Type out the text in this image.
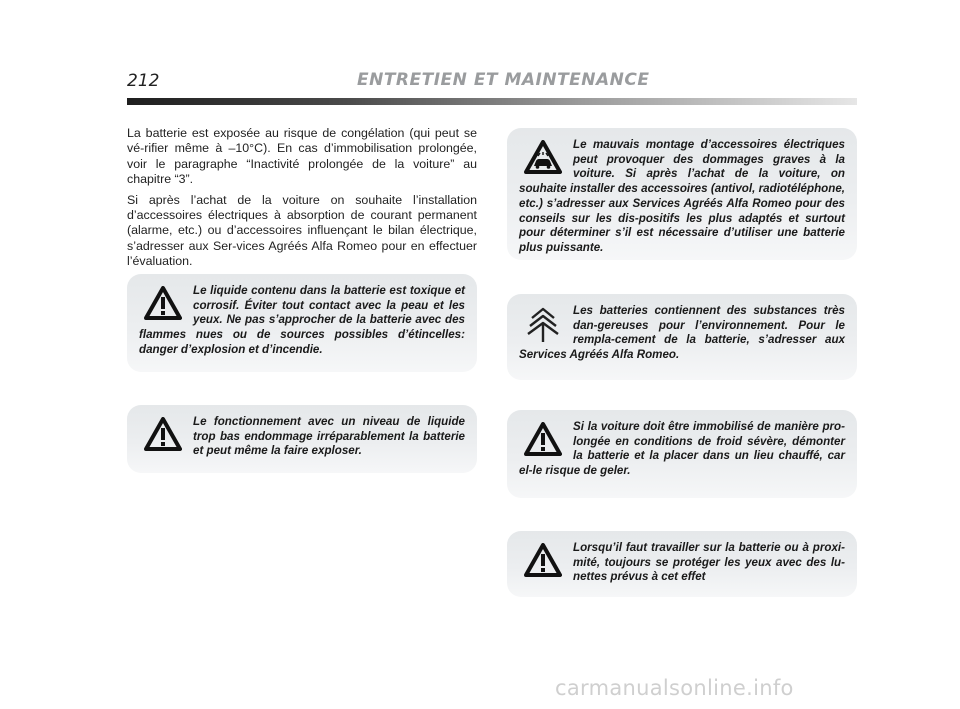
212	ENTRETIEN ET MAINTENANCE

La batterie est exposée au risque de congélation (qui peut se vé-rifier même à –10°C). En cas d’immobilisation prolongée, voir le paragraphe “Inactivité prolongée de la voiture” au chapitre “3”.

Si après l’achat de la voiture on souhaite l’installation d’accessoires électriques à absorption de courant permanent (alarme, etc.) ou d’accessoires influençant le bilan électrique, s’adresser aux Ser-vices Agréés Alfa Romeo pour en effectuer l’évaluation.

Le liquide contenu dans la batterie est toxique et corrosif. Éviter tout contact avec la peau et les yeux. Ne pas s’approcher de la batterie avec des flammes nues ou de sources possibles d’étincelles: danger d’explosion et d’incendie.

Le fonctionnement avec un niveau de liquide trop bas endommage irréparablement la batterie et peut même la faire exploser.

Le mauvais montage d’accessoires électriques peut provoquer des dommages graves à la voiture. Si après l’achat de la voiture, on souhaite installer des accessoires (antivol, radiotéléphone, etc.) s’adresser aux Services Agréés Alfa Romeo pour des conseils sur les dis-positifs les plus adaptés et surtout pour déterminer s’il est nécessaire d’utiliser une batterie plus puissante.

Les batteries contiennent des substances très dan-gereuses pour l’environnement. Pour le rempla-cement de la batterie, s’adresser aux Services Agréés Alfa Romeo.

Si la voiture doit être immobilisé de manière pro-longée en conditions de froid sévère, démonter la batterie et la placer dans un lieu chauffé, car el-le risque de geler.

Lorsqu’il faut travailler sur la batterie ou à proxi-mité, toujours se protéger les yeux avec des lu-nettes prévus à cet effet

carmanualsonline.info
